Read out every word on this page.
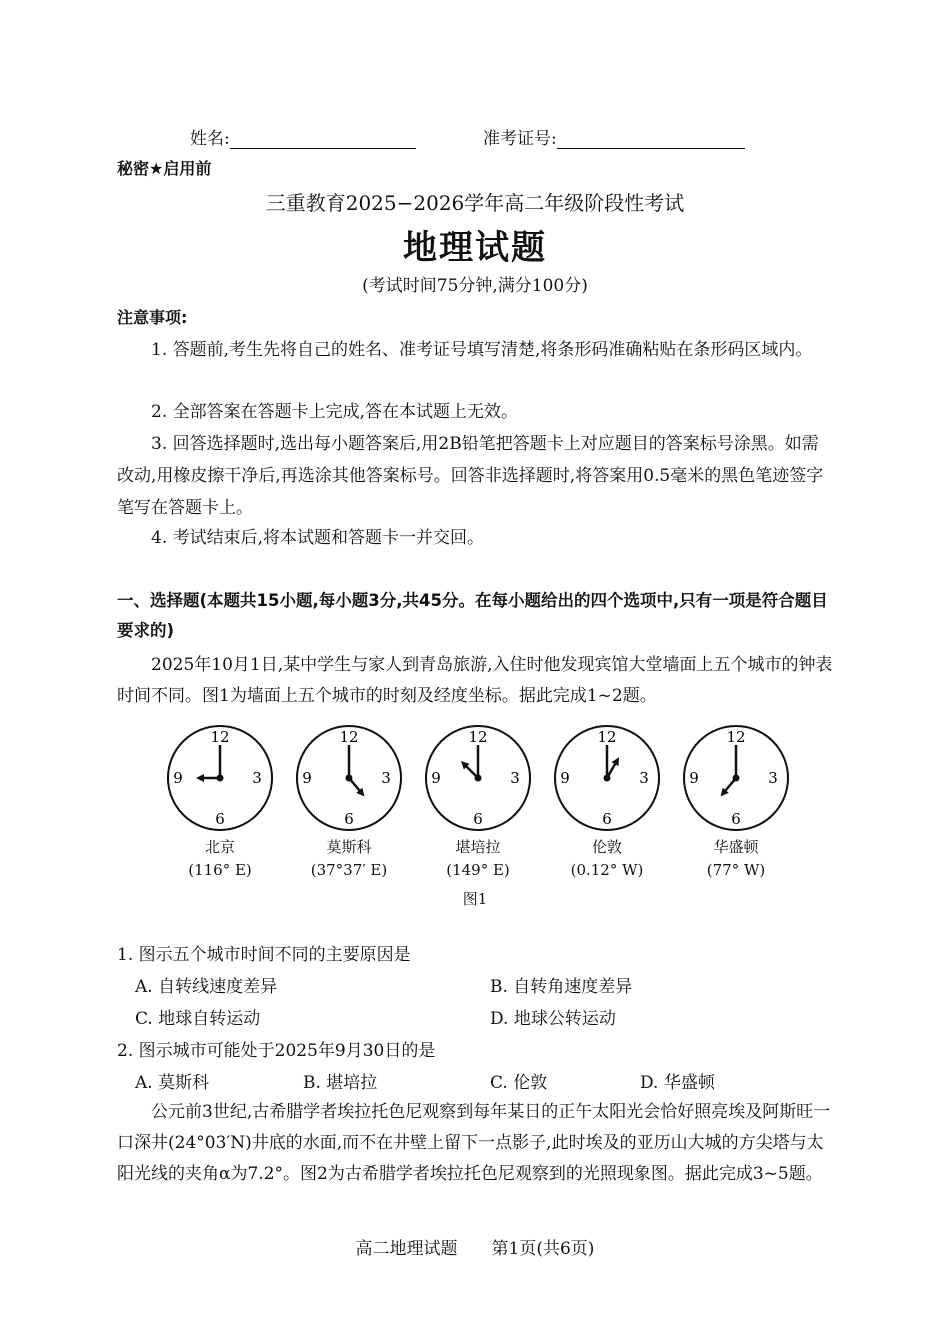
姓名:	准考证号:
秘密★启用前
三重教育2025−2026学年高二年级阶段性考试
地理试题
(考试时间75分钟,满分100分)
注意事项:
1. 答题前,考生先将自己的姓名、准考证号填写清楚,将条形码准确粘贴在条形码区域内。
2. 全部答案在答题卡上完成,答在本试题上无效。
3. 回答选择题时,选出每小题答案后,用2B铅笔把答题卡上对应题目的答案标号涂黑。如需改动,用橡皮擦干净后,再选涂其他答案标号。回答非选择题时,将答案用0.5毫米的黑色笔迹签字笔写在答题卡上。
4. 考试结束后,将本试题和答题卡一并交回。
一、选择题(本题共15小题,每小题3分,共45分。在每小题给出的四个选项中,只有一项是符合题目要求的)
2025年10月1日,某中学生与家人到青岛旅游,入住时他发现宾馆大堂墙面上五个城市的钟表时间不同。图1为墙面上五个城市的时刻及经度坐标。据此完成1~2题。
12
3
6
9
12
3
6
9
12
3
6
9
12
3
6
9
12
3
6
9
北京
(116° E)
莫斯科
(37°37′ E)
堪培拉
(149° E)
伦敦
(0.12° W)
华盛顿
(77° W)
图1
1. 图示五个城市时间不同的主要原因是
A. 自转线速度差异	B. 自转角速度差异
C. 地球自转运动	D. 地球公转运动
2. 图示城市可能处于2025年9月30日的是
A. 莫斯科	B. 堪培拉	C. 伦敦	D. 华盛顿
公元前3世纪,古希腊学者埃拉托色尼观察到每年某日的正午太阳光会恰好照亮埃及阿斯旺一口深井(24°03′N)井底的水面,而不在井壁上留下一点影子,此时埃及的亚历山大城的方尖塔与太阳光线的夹角α为7.2°。图2为古希腊学者埃拉托色尼观察到的光照现象图。据此完成3~5题。
高二地理试题　　第1页(共6页)
